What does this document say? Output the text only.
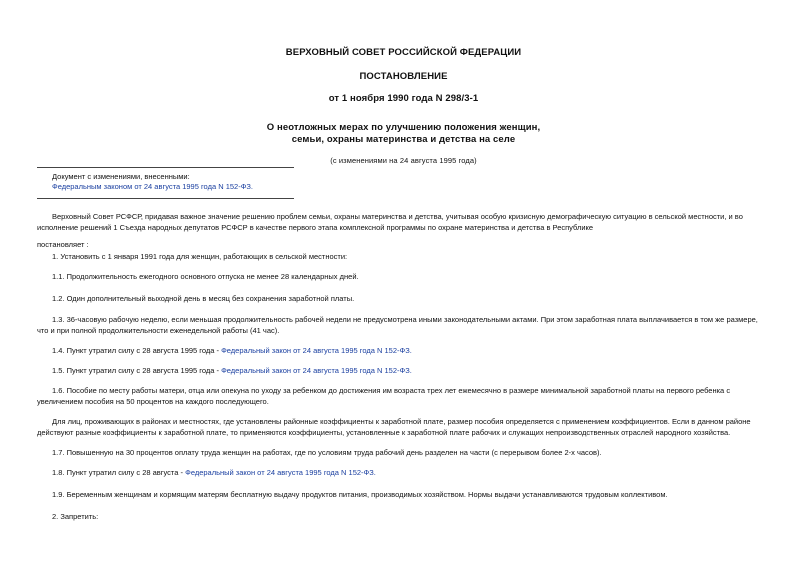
ВЕРХОВНЫЙ СОВЕТ РОССИЙСКОЙ ФЕДЕРАЦИИ
ПОСТАНОВЛЕНИЕ
от 1 ноября 1990 года N 298/3-1
О неотложных мерах по улучшению положения женщин,
семьи, охраны материнства и детства на селе
(с изменениями на 24 августа 1995 года)
Документ с изменениями, внесенными:
Федеральным законом от 24 августа 1995 года N 152-ФЗ.
Верховный Совет РСФСР, придавая важное значение решению проблем семьи, охраны материнства и детства, учитывая особую кризисную демографическую ситуацию в сельской местности, и во исполнение решений 1 Съезда народных депутатов РСФСР в качестве первого этапа комплексной программы по охране материнства и детства в Республике
постановляет :
1. Установить с 1 января 1991 года для женщин, работающих в сельской местности:
1.1. Продолжительность ежегодного основного отпуска не менее 28 календарных дней.
1.2. Один дополнительный выходной день в месяц без сохранения заработной платы.
1.3. 36-часовую рабочую неделю, если меньшая продолжительность рабочей недели не предусмотрена иными законодательными актами. При этом заработная плата выплачивается в том же размере, что и при полной продолжительности еженедельной работы (41 час).
1.4. Пункт утратил силу с 28 августа 1995 года - Федеральный закон от 24 августа 1995 года N 152-ФЗ.
1.5. Пункт утратил силу с 28 августа 1995 года - Федеральный закон от 24 августа 1995 года N 152-ФЗ.
1.6. Пособие по месту работы матери, отца или опекуна по уходу за ребенком до достижения им возраста трех лет ежемесячно в размере минимальной заработной платы на первого ребенка с увеличением пособия на 50 процентов на каждого последующего.
Для лиц, проживающих в районах и местностях, где установлены районные коэффициенты к заработной плате, размер пособия определяется с применением коэффициентов. Если в данном районе действуют разные коэффициенты к заработной плате, то применяются коэффициенты, установленные к заработной плате рабочих и служащих непроизводственных отраслей народного хозяйства.
1.7. Повышенную на 30 процентов оплату труда женщин на работах, где по условиям труда рабочий день разделен на части (с перерывом более 2-х часов).
1.8. Пункт утратил силу с 28 августа - Федеральный закон от 24 августа 1995 года N 152-ФЗ.
1.9. Беременным женщинам и кормящим матерям бесплатную выдачу продуктов питания, производимых хозяйством. Нормы выдачи устанавливаются трудовым коллективом.
2. Запретить:
